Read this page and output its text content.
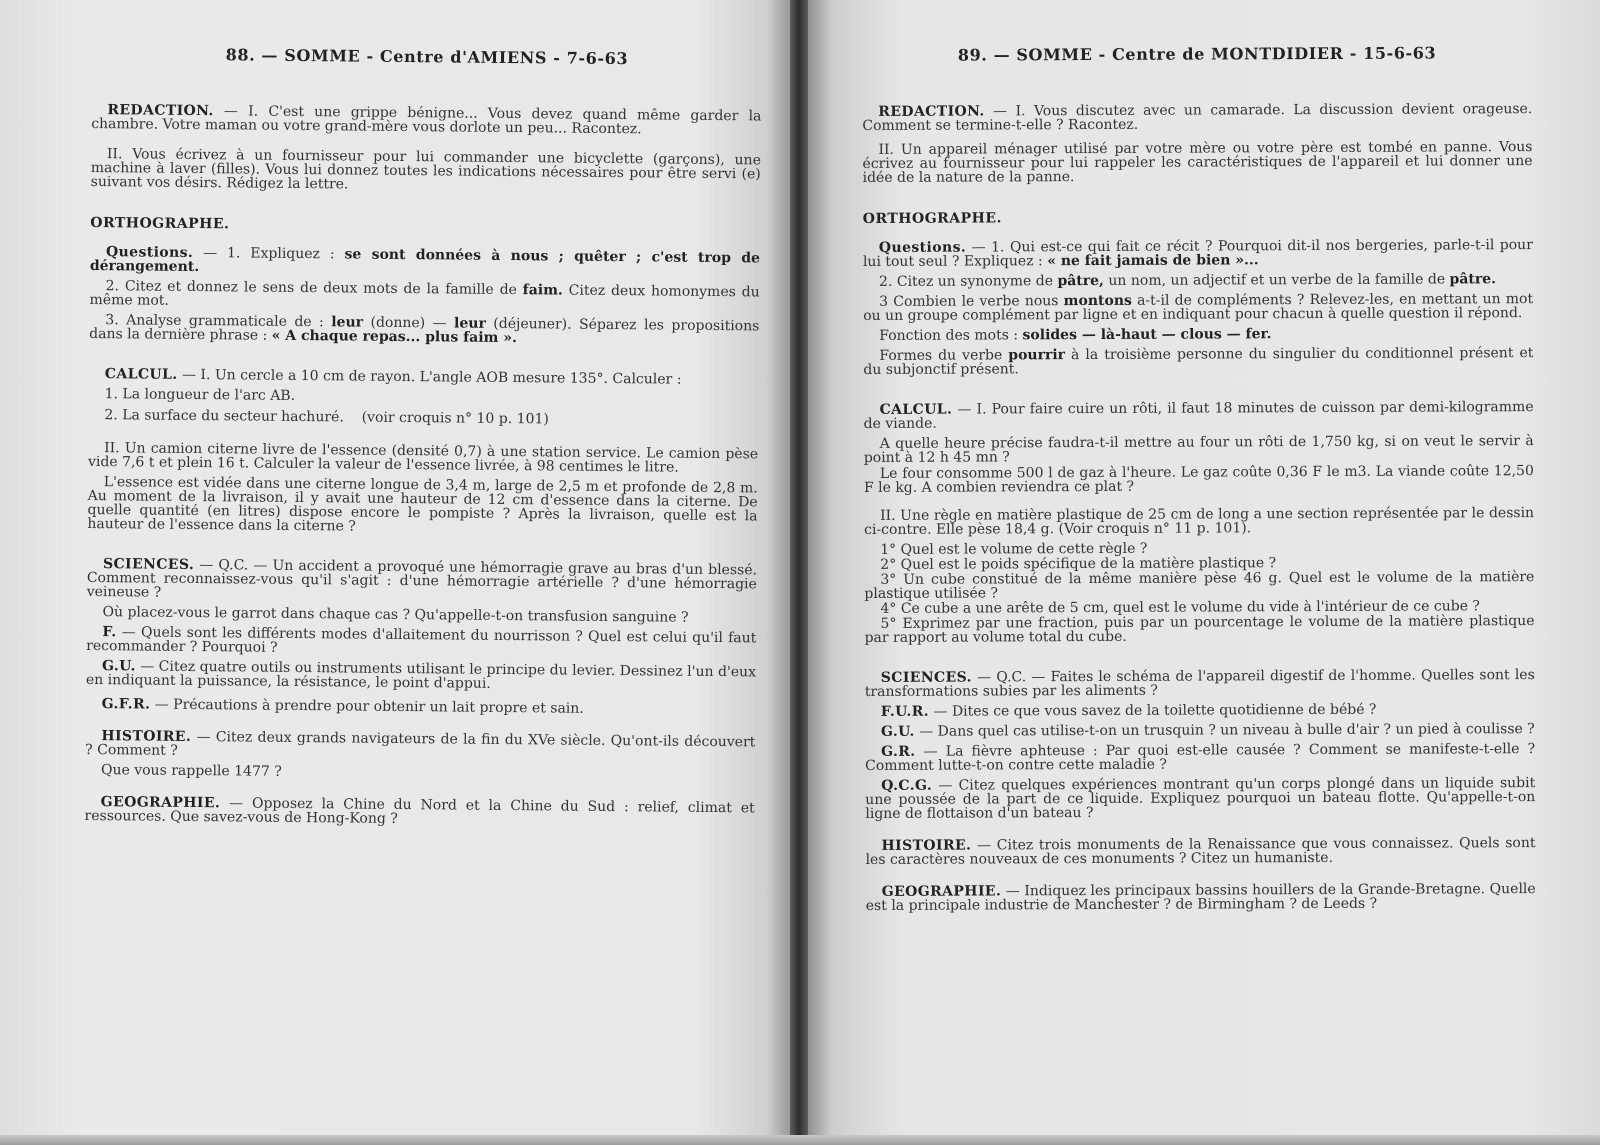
88. — SOMME - Centre d'AMIENS - 7-6-63

REDACTION. — I. C'est une grippe bénigne... Vous devez quand même garder la chambre. Votre maman ou votre grand-mère vous dorlote un peu... Racontez.

II. Vous écrivez à un fournisseur pour lui commander une bicyclette (garçons), une machine à laver (filles). Vous lui donnez toutes les indications nécessaires pour être servi (e) suivant vos désirs. Rédigez la lettre.

ORTHOGRAPHE.

Questions. — 1. Expliquez : se sont données à nous ; quêter ; c'est trop de dérangement.

2. Citez et donnez le sens de deux mots de la famille de faim. Citez deux homonymes du même mot.

3. Analyse grammaticale de : leur (donne) — leur (déjeuner). Séparez les propositions dans la dernière phrase : « A chaque repas... plus faim ».

CALCUL. — I. Un cercle a 10 cm de rayon. L'angle AOB mesure 135°. Calculer :

1. La longueur de l'arc AB.
2. La surface du secteur hachuré. (voir croquis n° 10 p. 101)

II. Un camion citerne livre de l'essence (densité 0,7) à une station service. Le camion pèse vide 7,6 t et plein 16 t. Calculer la valeur de l'essence livrée, à 98 centimes le litre.

L'essence est vidée dans une citerne longue de 3,4 m, large de 2,5 m et profonde de 2,8 m. Au moment de la livraison, il y avait une hauteur de 12 cm d'essence dans la citerne. De quelle quantité (en litres) dispose encore le pompiste ? Après la livraison, quelle est la hauteur de l'essence dans la citerne ?

SCIENCES. — Q.C. — Un accident a provoqué une hémorragie grave au bras d'un blessé. Comment reconnaissez-vous qu'il s'agit : d'une hémorragie artérielle ? d'une hémorragie veineuse ?

Où placez-vous le garrot dans chaque cas ? Qu'appelle-t-on transfusion sanguine ?

F. — Quels sont les différents modes d'allaitement du nourrisson ? Quel est celui qu'il faut recommander ? Pourquoi ?

G.U. — Citez quatre outils ou instruments utilisant le principe du levier. Dessinez l'un d'eux en indiquant la puissance, la résistance, le point d'appui.

G.F.R. — Précautions à prendre pour obtenir un lait propre et sain.

HISTOIRE. — Citez deux grands navigateurs de la fin du XVe siècle. Qu'ont-ils découvert ? Comment ?

Que vous rappelle 1477 ?

GEOGRAPHIE. — Opposez la Chine du Nord et la Chine du Sud : relief, climat et ressources. Que savez-vous de Hong-Kong ?

89. — SOMME - Centre de MONTDIDIER - 15-6-63

REDACTION. — I. Vous discutez avec un camarade. La discussion devient orageuse. Comment se termine-t-elle ? Racontez.

II. Un appareil ménager utilisé par votre mère ou votre père est tombé en panne. Vous écrivez au fournisseur pour lui rappeler les caractéristiques de l'appareil et lui donner une idée de la nature de la panne.

ORTHOGRAPHE.

Questions. — 1. Qui est-ce qui fait ce récit ? Pourquoi dit-il nos bergeries, parle-t-il pour lui tout seul ? Expliquez : « ne fait jamais de bien »...

2. Citez un synonyme de pâtre, un nom, un adjectif et un verbe de la famille de pâtre.

3 Combien le verbe nous montons a-t-il de compléments ? Relevez-les, en mettant un mot ou un groupe complément par ligne et en indiquant pour chacun à quelle question il répond.

Fonction des mots : solides — là-haut — clous — fer.

Formes du verbe pourrir à la troisième personne du singulier du conditionnel présent et du subjonctif présent.

CALCUL. — I. Pour faire cuire un rôti, il faut 18 minutes de cuisson par demi-kilogramme de viande.

A quelle heure précise faudra-t-il mettre au four un rôti de 1,750 kg, si on veut le servir à point à 12 h 45 mn ?

Le four consomme 500 l de gaz à l'heure. Le gaz coûte 0,36 F le m3. La viande coûte 12,50 F le kg. A combien reviendra ce plat ?

II. Une règle en matière plastique de 25 cm de long a une section représentée par le dessin ci-contre. Elle pèse 18,4 g. (Voir croquis n° 11 p. 101).

1° Quel est le volume de cette règle ?

2° Quel est le poids spécifique de la matière plastique ?

3° Un cube constitué de la même manière pèse 46 g. Quel est le volume de la matière plastique utilisée ?

4° Ce cube a une arête de 5 cm, quel est le volume du vide à l'intérieur de ce cube ?

5° Exprimez par une fraction, puis par un pourcentage le volume de la matière plastique par rapport au volume total du cube.

SCIENCES. — Q.C. — Faites le schéma de l'appareil digestif de l'homme. Quelles sont les transformations subies par les aliments ?

F.U.R. — Dites ce que vous savez de la toilette quotidienne de bébé ?

G.U. — Dans quel cas utilise-t-on un trusquin ? un niveau à bulle d'air ? un pied à coulisse ?

G.R. — La fièvre aphteuse : Par quoi est-elle causée ? Comment se manifeste-t-elle ? Comment lutte-t-on contre cette maladie ?

Q.C.G. — Citez quelques expériences montrant qu'un corps plongé dans un liquide subit une poussée de la part de ce liquide. Expliquez pourquoi un bateau flotte. Qu'appelle-t-on ligne de flottaison d'un bateau ?

HISTOIRE. — Citez trois monuments de la Renaissance que vous connaissez. Quels sont les caractères nouveaux de ces monuments ? Citez un humaniste.

GEOGRAPHIE. — Indiquez les principaux bassins houillers de la Grande-Bretagne. Quelle est la principale industrie de Manchester ? de Birmingham ? de Leeds ?
